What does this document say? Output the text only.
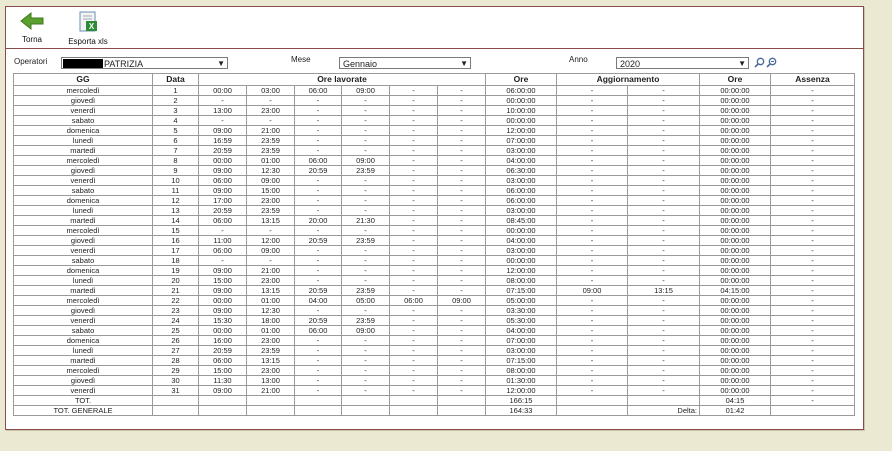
Torna
X
Esporta xls
Operatori	PATRIZIA	▼	Mese	Gennaio	▼	Anno	2020	▼
GG	Data	Ore lavorate						Ore	Aggiornamento		Ore	Assenza
mercoledì	1	00:00	03:00	06:00	09:00	-	-	06:00:00	-	-	00:00:00	-
giovedì	2	-	-	-	-	-	-	00:00:00	-	-	00:00:00	-
venerdì	3	13:00	23:00	-	-	-	-	10:00:00	-	-	00:00:00	-
sabato	4	-	-	-	-	-	-	00:00:00	-	-	00:00:00	-
domenica	5	09:00	21:00	-	-	-	-	12:00:00	-	-	00:00:00	-
lunedì	6	16:59	23:59	-	-	-	-	07:00:00	-	-	00:00:00	-
martedì	7	20:59	23:59	-	-	-	-	03:00:00	-	-	00:00:00	-
mercoledì	8	00:00	01:00	06:00	09:00	-	-	04:00:00	-	-	00:00:00	-
giovedì	9	09:00	12:30	20:59	23:59	-	-	06:30:00	-	-	00:00:00	-
venerdì	10	06:00	09:00	-	-	-	-	03:00:00	-	-	00:00:00	-
sabato	11	09:00	15:00	-	-	-	-	06:00:00	-	-	00:00:00	-
domenica	12	17:00	23:00	-	-	-	-	06:00:00	-	-	00:00:00	-
lunedì	13	20:59	23:59	-	-	-	-	03:00:00	-	-	00:00:00	-
martedì	14	06:00	13:15	20:00	21:30	-	-	08:45:00	-	-	00:00:00	-
mercoledì	15	-	-	-	-	-	-	00:00:00	-	-	00:00:00	-
giovedì	16	11:00	12:00	20:59	23:59	-	-	04:00:00	-	-	00:00:00	-
venerdì	17	06:00	09:00	-	-	-	-	03:00:00	-	-	00:00:00	-
sabato	18	-	-	-	-	-	-	00:00:00	-	-	00:00:00	-
domenica	19	09:00	21:00	-	-	-	-	12:00:00	-	-	00:00:00	-
lunedì	20	15:00	23:00	-	-	-	-	08:00:00	-	-	00:00:00	-
martedì	21	09:00	13:15	20:59	23:59	-	-	07:15:00	09:00	13:15	04:15:00	-
mercoledì	22	00:00	01:00	04:00	05:00	06:00	09:00	05:00:00	-	-	00:00:00	-
giovedì	23	09:00	12:30	-	-	-	-	03:30:00	-	-	00:00:00	-
venerdì	24	15:30	18:00	20:59	23:59	-	-	05:30:00	-	-	00:00:00	-
sabato	25	00:00	01:00	06:00	09:00	-	-	04:00:00	-	-	00:00:00	-
domenica	26	16:00	23:00	-	-	-	-	07:00:00	-	-	00:00:00	-
lunedì	27	20:59	23:59	-	-	-	-	03:00:00	-	-	00:00:00	-
martedì	28	06:00	13:15	-	-	-	-	07:15:00	-	-	00:00:00	-
mercoledì	29	15:00	23:00	-	-	-	-	08:00:00	-	-	00:00:00	-
giovedì	30	11:30	13:00	-	-	-	-	01:30:00	-	-	00:00:00	-
venerdì	31	09:00	21:00	-	-	-	-	12:00:00	-	-	00:00:00	-
TOT.								166:15			04:15	-
TOT. GENERALE								164:33		Delta:	01:42	
